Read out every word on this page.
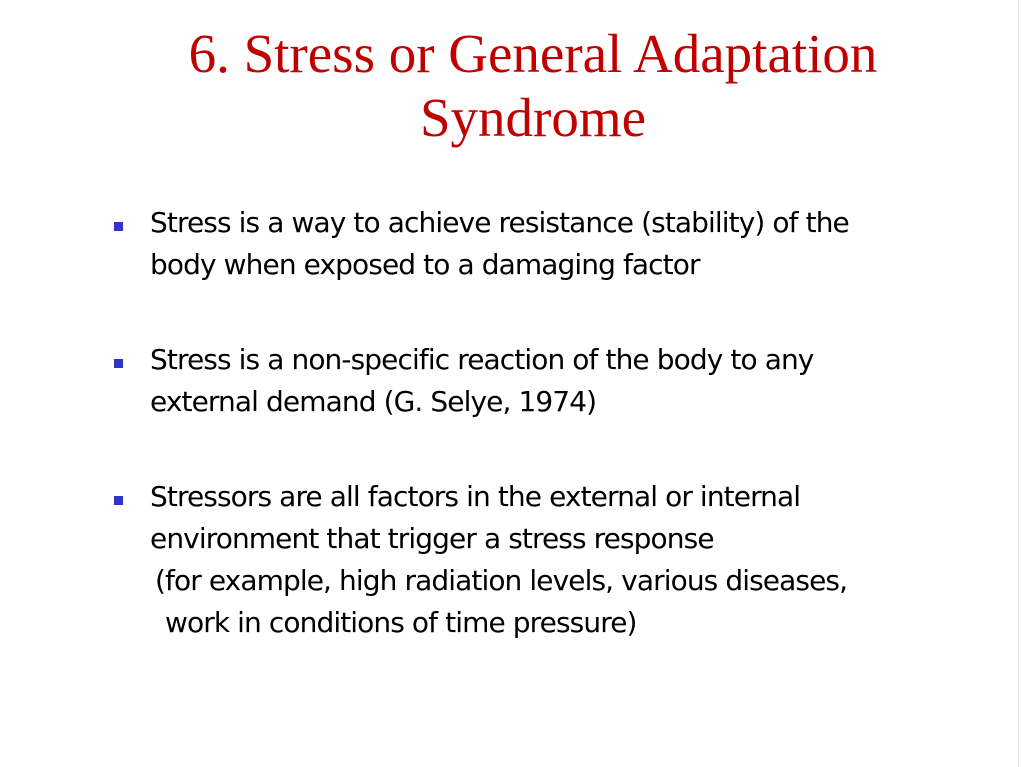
6. Stress or General Adaptation
Syndrome
Stress is a way to achieve resistance (stability) of the
body when exposed to a damaging factor
Stress is a non-specific reaction of the body to any
external demand (G. Selye, 1974)
Stressors are all factors in the external or internal
environment that trigger a stress response
(for example, high radiation levels, various diseases,
work in conditions of time pressure)
